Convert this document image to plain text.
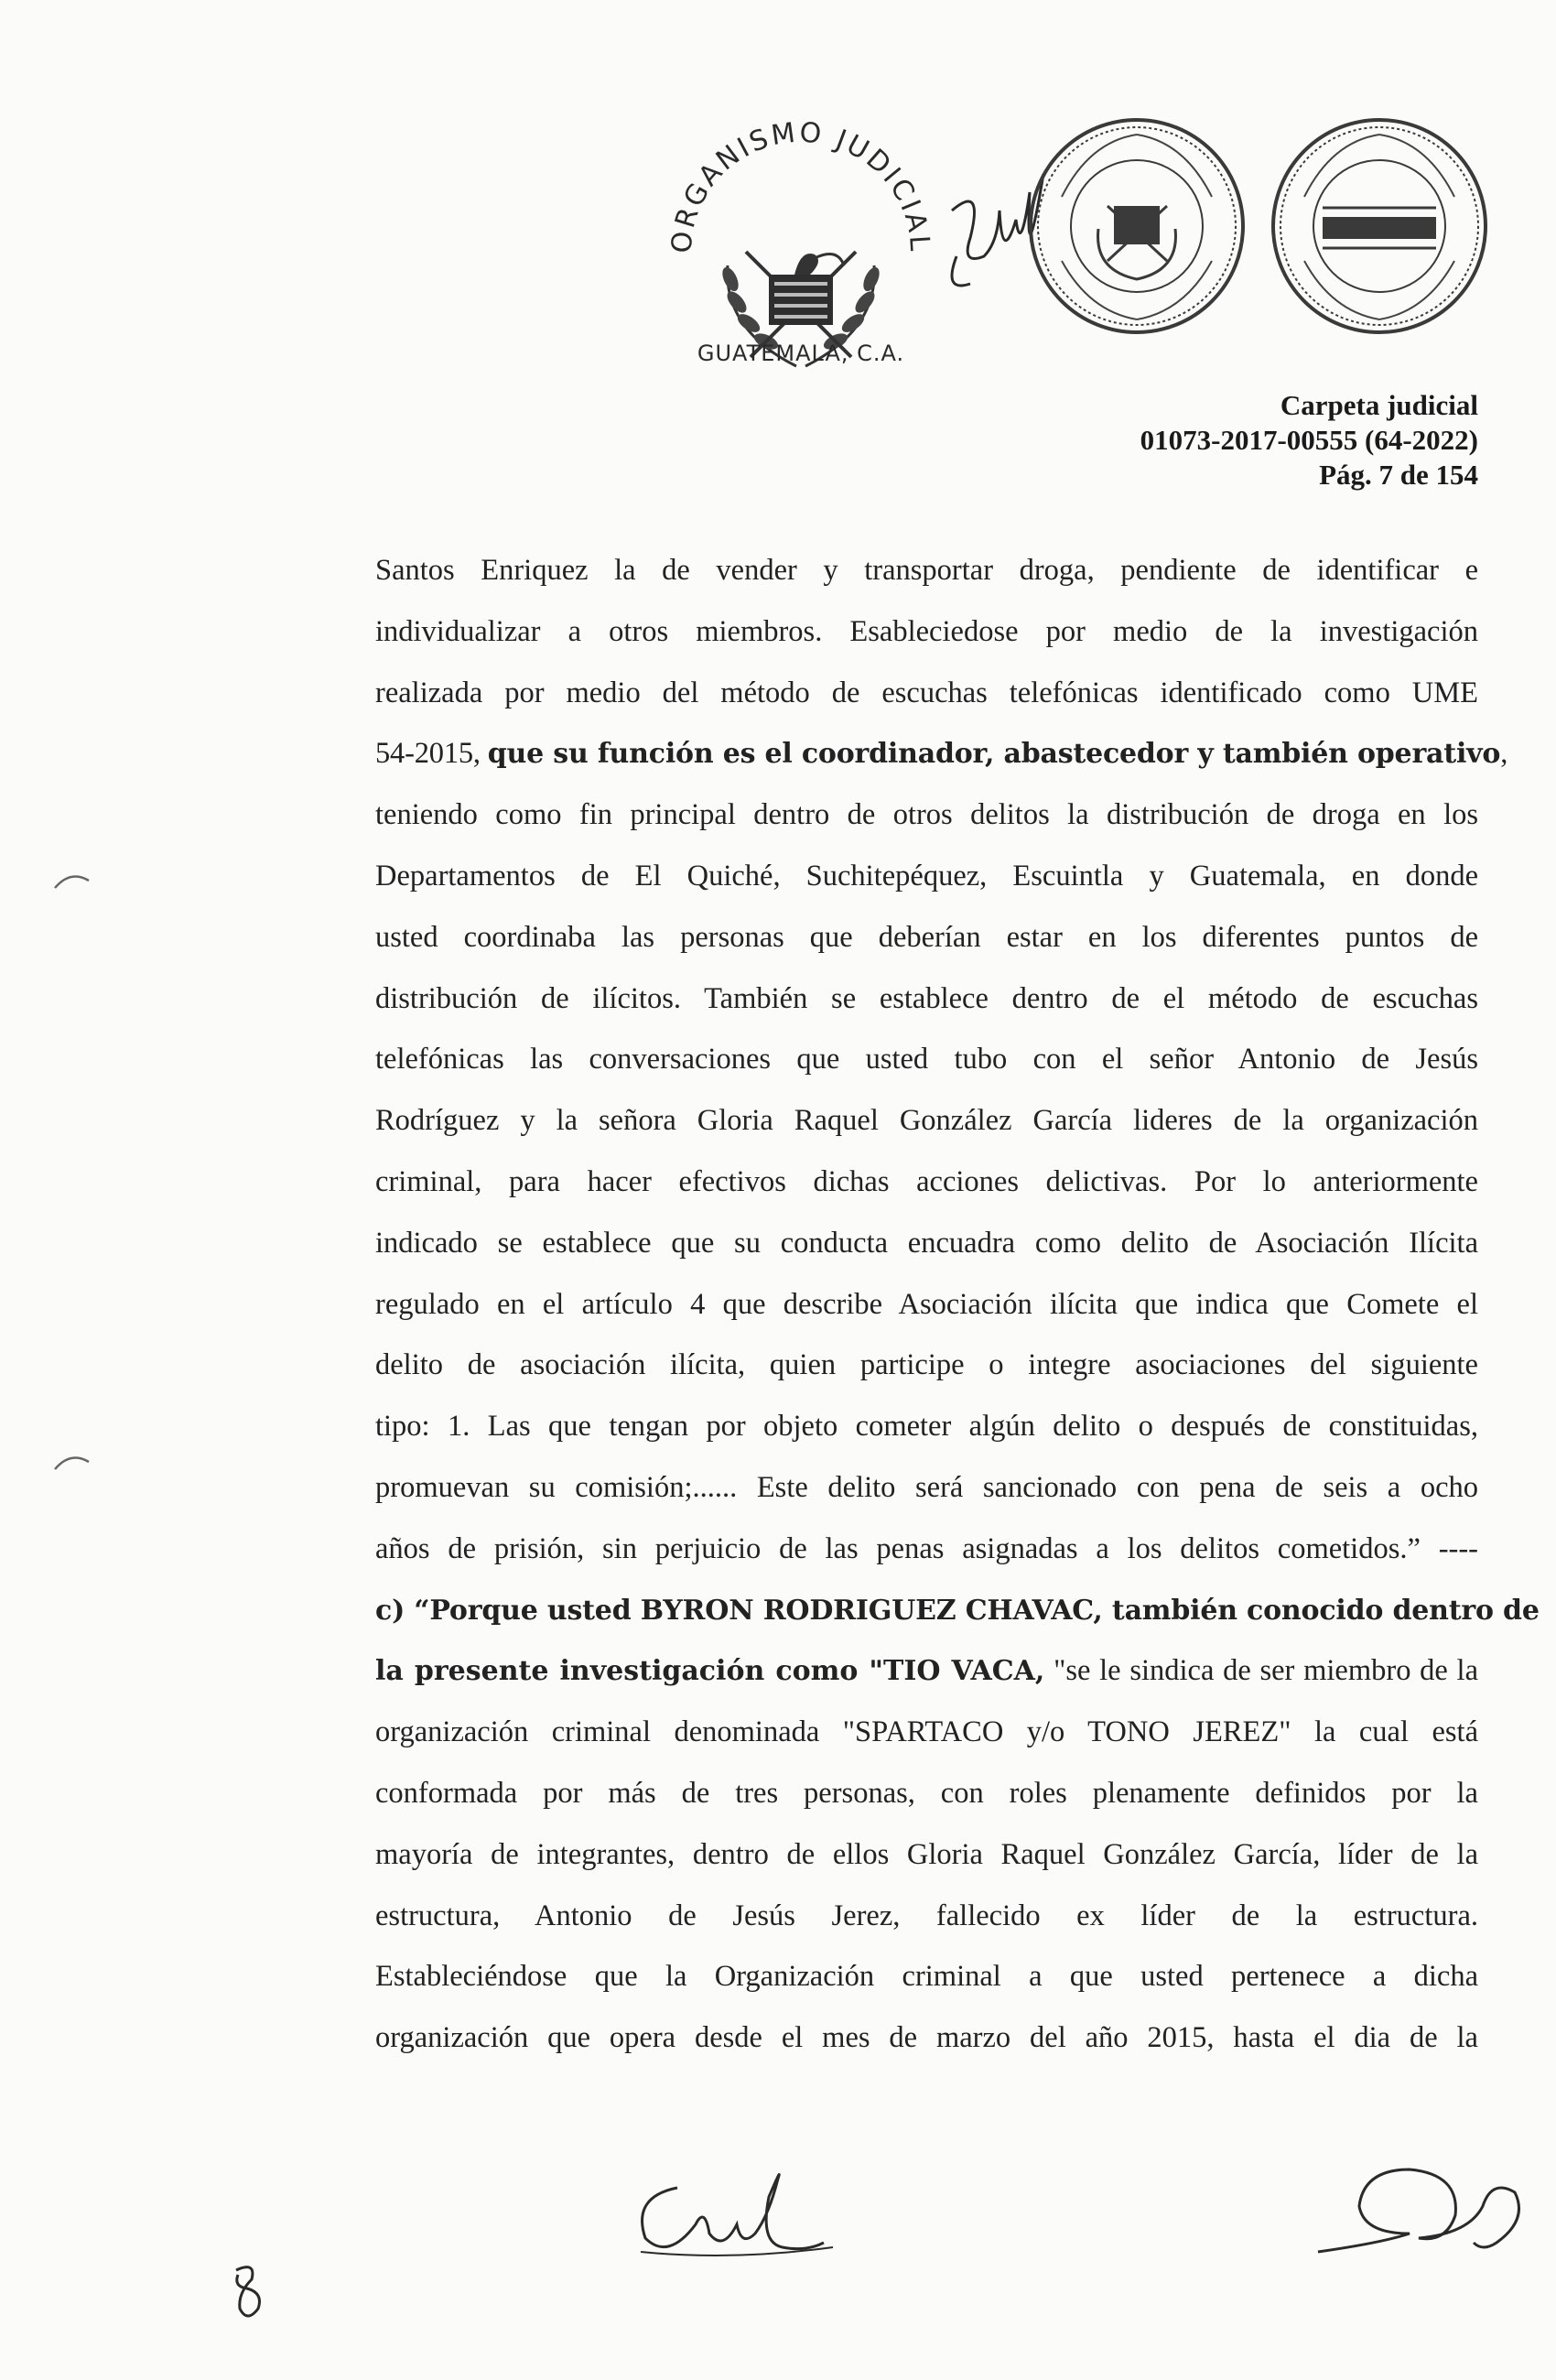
ORGANISMO JUDICIAL
GUATEMALA, C.A.
Carpeta judicial
01073-2017-00555 (64-2022)
Pág. 7 de 154
Santos Enriquez la de vender y transportar droga, pendiente de identificar e
individualizar a otros miembros. Esableciedose por medio de la investigación
realizada por medio del método de escuchas telefónicas identificado como UME
54-2015, que su función es el coordinador, abastecedor y también operativo,
teniendo como fin principal dentro de otros delitos la distribución de droga en los
Departamentos de El Quiché, Suchitepéquez, Escuintla y Guatemala, en donde
usted coordinaba las personas que deberían estar en los diferentes puntos de
distribución de ilícitos. También se establece dentro de el método de escuchas
telefónicas las conversaciones que usted tubo con el señor Antonio de Jesús
Rodríguez y la señora Gloria Raquel González García lideres de la organización
criminal, para hacer efectivos dichas acciones delictivas. Por lo anteriormente
indicado se establece que su conducta encuadra como delito de Asociación Ilícita
regulado en el artículo 4 que describe Asociación ilícita que indica que Comete el
delito de asociación ilícita, quien participe o integre asociaciones del siguiente
tipo: 1. Las que tengan por objeto cometer algún delito o después de constituidas,
promuevan su comisión;...... Este delito será sancionado con pena de seis a ocho
años de prisión, sin perjuicio de las penas asignadas a los delitos cometidos.” ----
c) “Porque usted BYRON RODRIGUEZ CHAVAC, también conocido dentro de
la presente investigación como "TIO VACA, "se le sindica de ser miembro de la
organización criminal denominada "SPARTACO y/o TONO JEREZ" la cual está
conformada por más de tres personas, con roles plenamente definidos por la
mayoría de integrantes, dentro de ellos Gloria Raquel González García, líder de la
estructura, Antonio de Jesús Jerez, fallecido ex líder de la estructura.
Estableciéndose que la Organización criminal a que usted pertenece a dicha
organización que opera desde el mes de marzo del año 2015, hasta el dia de la
